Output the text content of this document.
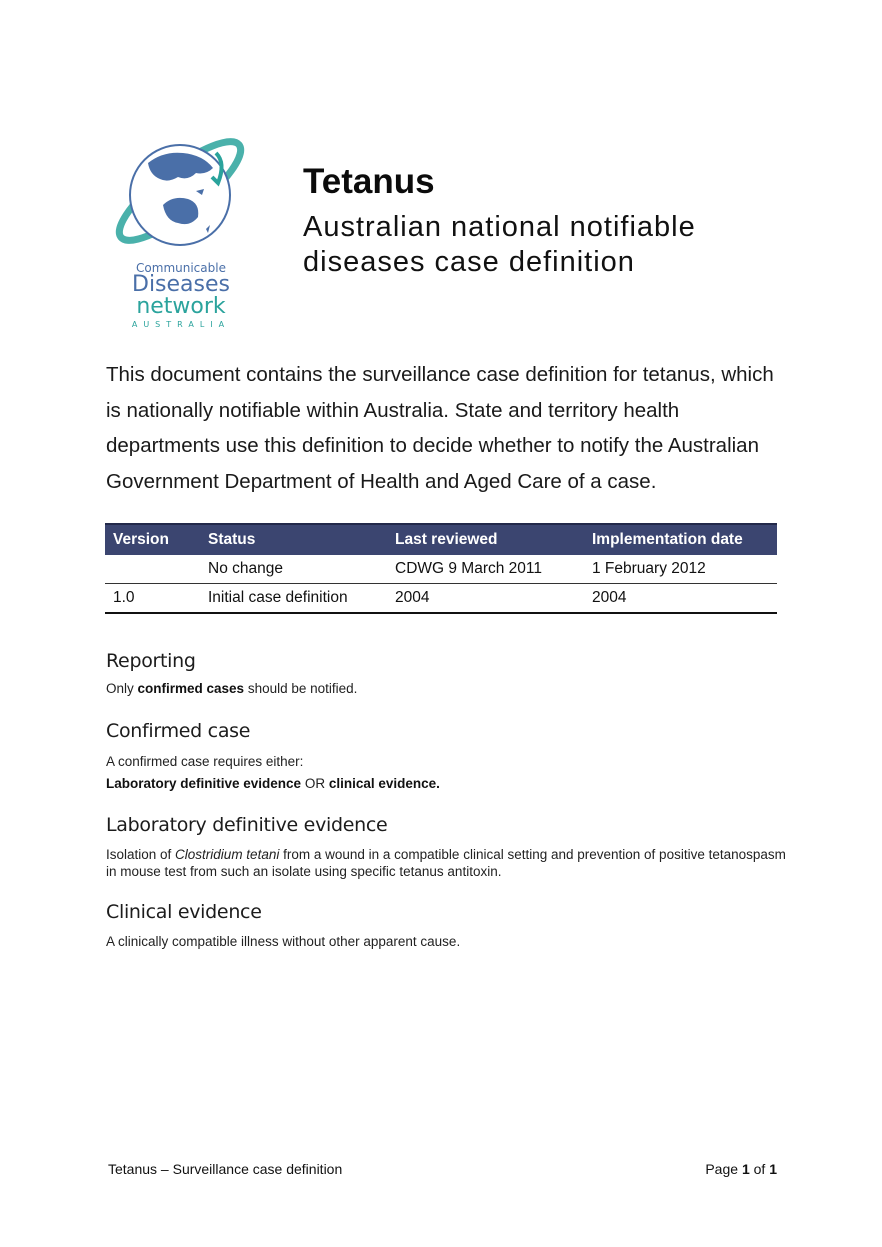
Communicable
Diseases
network
AUSTRALIA
Tetanus

Australian national notifiable
diseases case definition

This document contains the surveillance case definition for tetanus, which is nationally notifiable within Australia. State and territory health departments use this definition to decide whether to notify the Australian Government Department of Health and Aged Care of a case.

Version	Status	Last reviewed	Implementation date
	No change	CDWG 9 March 2011	1 February 2012
1.0	Initial case definition	2004	2004
Reporting

Only confirmed cases should be notified.

Confirmed case

A confirmed case requires either:

Laboratory definitive evidence OR clinical evidence.

Laboratory definitive evidence

Isolation of Clostridium tetani from a wound in a compatible clinical setting and prevention of positive tetanospasm in mouse test from such an isolate using specific tetanus antitoxin.

Clinical evidence

A clinically compatible illness without other apparent cause.

Tetanus – Surveillance case definition	Page 1 of 1
